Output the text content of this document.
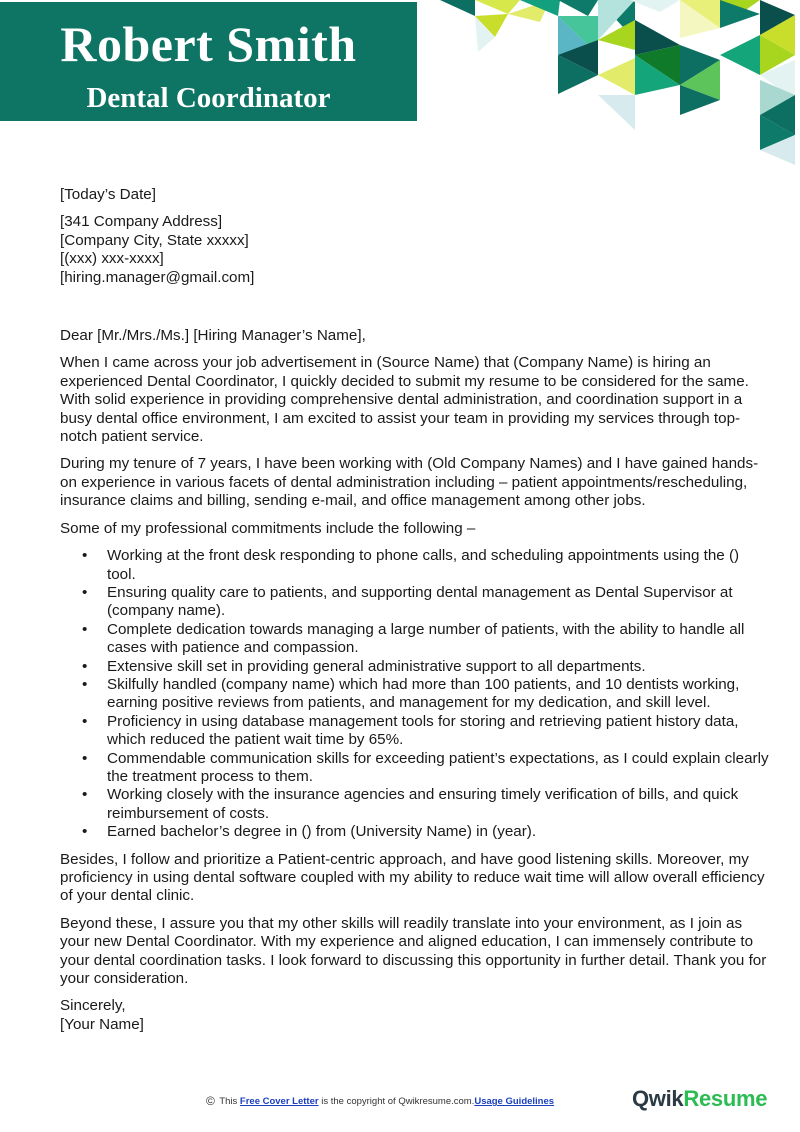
Robert Smith
Dental Coordinator

[Today’s Date]

[341 Company Address]

[Company City, State xxxxx]

[(xxx) xxx-xxxx]

[hiring.manager@gmail.com]

Dear [Mr./Mrs./Ms.] [Hiring Manager’s Name],

When I came across your job advertisement in (Source Name) that (Company Name) is hiring an experienced Dental Coordinator, I quickly decided to submit my resume to be considered for the same. With solid experience in providing comprehensive dental administration, and coordination support in a busy dental office environment, I am excited to assist your team in providing my services through top-notch patient service.

During my tenure of 7 years, I have been working with (Old Company Names) and I have gained hands-on experience in various facets of dental administration including – patient appointments/rescheduling, insurance claims and billing, sending e-mail, and office management among other jobs.

Some of my professional commitments include the following –

• Working at the front desk responding to phone calls, and scheduling appointments using the () tool.
• Ensuring quality care to patients, and supporting dental management as Dental Supervisor at (company name).
• Complete dedication towards managing a large number of patients, with the ability to handle all cases with patience and compassion.
• Extensive skill set in providing general administrative support to all departments.
• Skilfully handled (company name) which had more than 100 patients, and 10 dentists working, earning positive reviews from patients, and management for my dedication, and skill level.
• Proficiency in using database management tools for storing and retrieving patient history data, which reduced the patient wait time by 65%.
• Commendable communication skills for exceeding patient’s expectations, as I could explain clearly the treatment process to them.
• Working closely with the insurance agencies and ensuring timely verification of bills, and quick reimbursement of costs.
• Earned bachelor’s degree in () from (University Name) in (year).

Besides, I follow and prioritize a Patient-centric approach, and have good listening skills. Moreover, my proficiency in using dental software coupled with my ability to reduce wait time will allow overall efficiency of your dental clinic.

Beyond these, I assure you that my other skills will readily translate into your environment, as I join as your new Dental Coordinator. With my experience and aligned education, I can immensely contribute to your dental coordination tasks. I look forward to discussing this opportunity in further detail. Thank you for your consideration.

Sincerely,

[Your Name]

© This Free Cover Letter is the copyright of Qwikresume.com.Usage Guidelines	QwikResume
